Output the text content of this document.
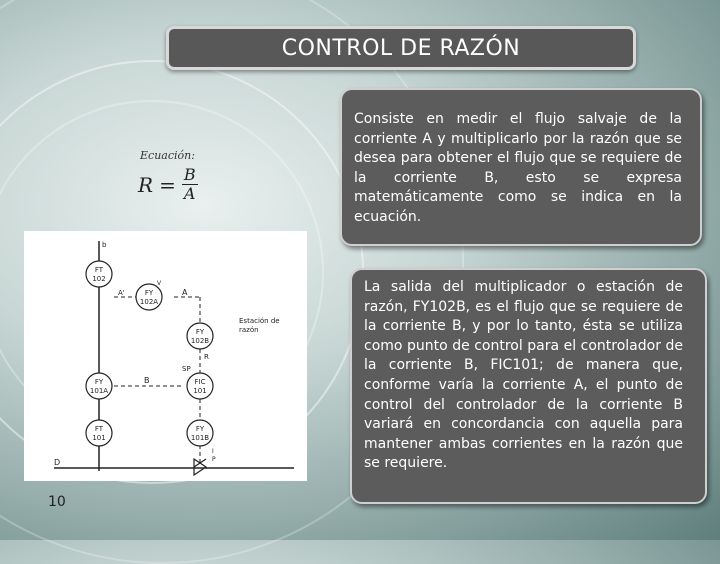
CONTROL DE RAZÓN
Ecuación:
$R = \frac{B}{A}$
Consiste en medir el flujo salvaje de la corriente A y multiplicarlo por la razón que se desea para obtener el flujo que se requiere de la corriente B, esto se expresa matemáticamente como se indica en la ecuación.
La salida del multiplicador o estación de razón, FY102B, es el flujo que se requiere de la corriente B, y por lo tanto, ésta se utiliza como punto de control para el controlador de la corriente B, FIC101; de manera que, conforme varía la corriente A, el punto de control del controlador de la corriente B variará en concordancia con aquella para mantener ambas corrientes en la razón que se requiere.
FT
102
FY
102A
FY
102B
FIC
101
FY
101A
FT
101
FY
101B
Estación de
razón
A
A'
B
R
SP
D
b
I
P
V
10
